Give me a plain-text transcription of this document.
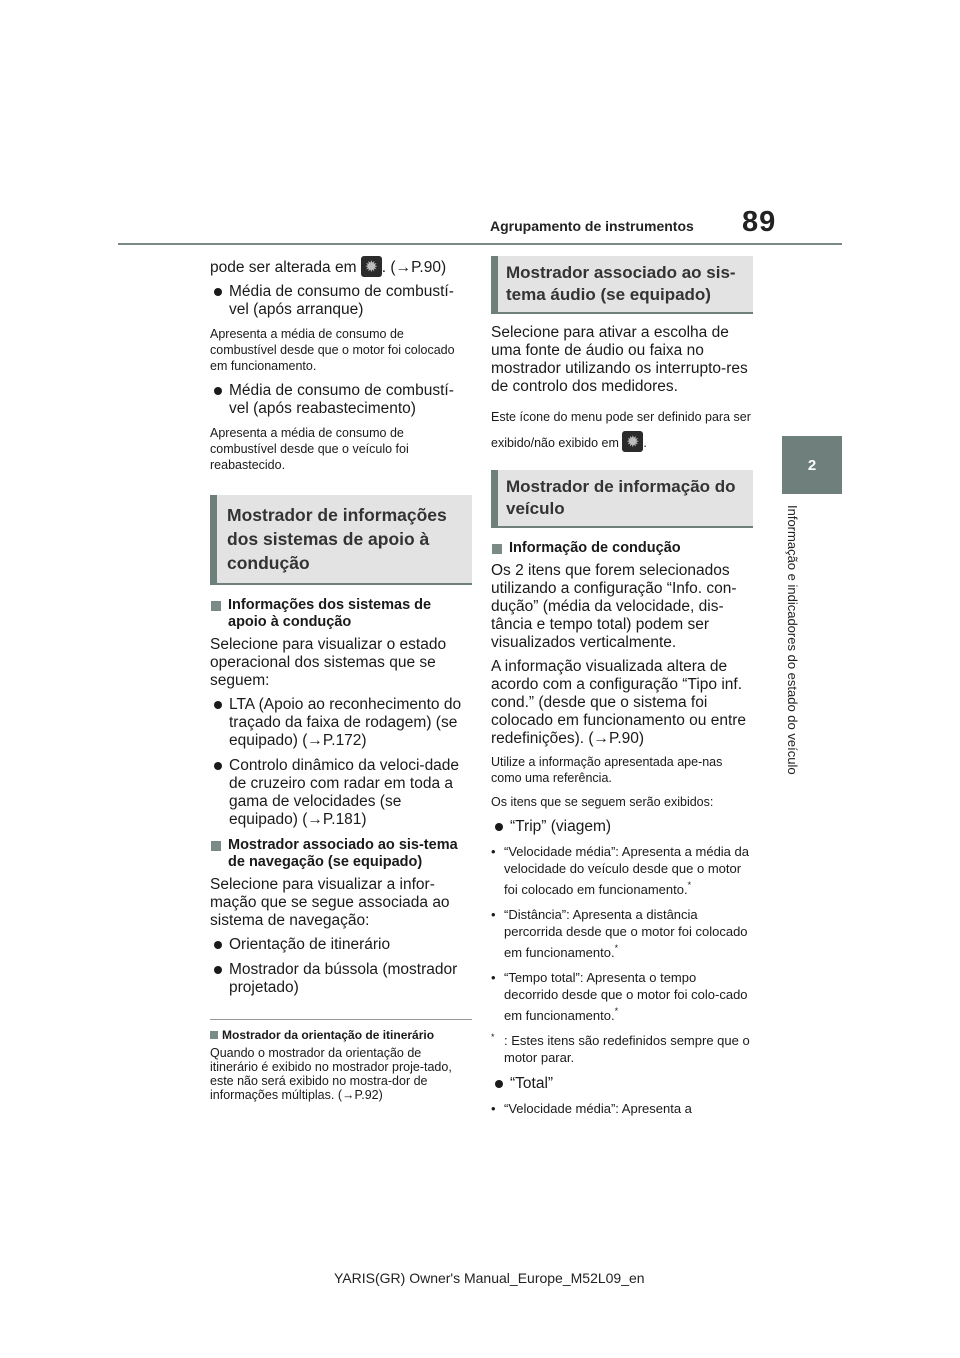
Agrupamento de instrumentos 89
2
Informação e indicadores do estado do veículo

pode ser alterada em ✹ . (→P.90)

Média de consumo de combustí-vel (após arranque)
Apresenta a média de consumo de combustível desde que o motor foi colocado em funcionamento.
Média de consumo de combustí-vel (após reabastecimento)
Apresenta a média de consumo de combustível desde que o veículo foi reabastecido.
Mostrador de informações dos sistemas de apoio à condução
Informações dos sistemas de apoio à condução

Selecione para visualizar o estado operacional dos sistemas que se seguem:

LTA (Apoio ao reconhecimento do traçado da faixa de rodagem) (se equipado) (→P.172)
Controlo dinâmico da veloci-dade de cruzeiro com radar em toda a gama de velocidades (se equipado) (→P.181)
Mostrador associado ao sis-tema de navegação (se equipado)

Selecione para visualizar a infor-mação que se segue associada ao sistema de navegação:

Orientação de itinerário
Mostrador da bússola (mostrador projetado)
Mostrador da orientação de itinerário
Quando o mostrador da orientação de itinerário é exibido no mostrador proje-tado, este não será exibido no mostra-dor de informações múltiplas. (→P.92)
Mostrador associado ao sis-tema áudio (se equipado)

Selecione para ativar a escolha de uma fonte de áudio ou faixa no mostrador utilizando os interrupto-res de controlo dos medidores.

Este ícone do menu pode ser definido para ser exibido/não exibido em ✹ .
Mostrador de informação do veículo
Informação de condução

Os 2 itens que forem selecionados utilizando a configuração “Info. con-dução” (média da velocidade, dis-tância e tempo total) podem ser visualizados verticalmente.

A informação visualizada altera de acordo com a configuração “Tipo inf. cond.” (desde que o sistema foi colocado em funcionamento ou entre redefinições). (→P.90)

Utilize a informação apresentada ape-nas como uma referência.
Os itens que se seguem serão exibidos:
“Trip” (viagem)
• “Velocidade média”: Apresenta a média da velocidade do veículo desde que o motor foi colocado em funcionamento.*
• “Distância”: Apresenta a distância percorrida desde que o motor foi colocado em funcionamento.*
• “Tempo total”: Apresenta o tempo decorrido desde que o motor foi colo-cado em funcionamento.*
* : Estes itens são redefinidos sempre que o motor parar.
“Total”
• “Velocidade média”: Apresenta a
YARIS(GR) Owner's Manual_Europe_M52L09_en
